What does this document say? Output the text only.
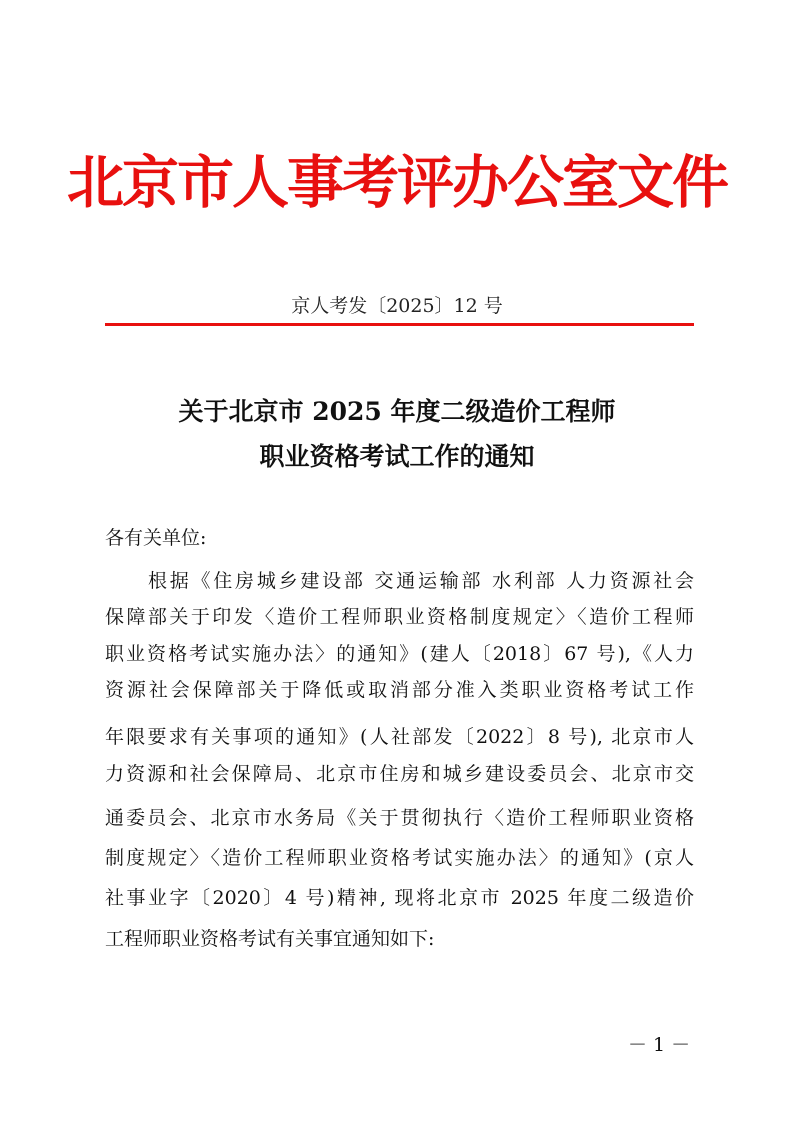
北京市人事考评办公室文件
京人考发〔2025〕12 号
关于北京市 2025 年度二级造价工程师
职业资格考试工作的通知
各有关单位:
根据《住房城乡建设部 交通运输部 水利部 人力资源社会
保障部关于印发〈造价工程师职业资格制度规定〉〈造价工程师
职业资格考试实施办法〉的通知》(建人〔2018〕67 号),《人力
资源社会保障部关于降低或取消部分准入类职业资格考试工作
年限要求有关事项的通知》(人社部发〔2022〕8 号), 北京市人
力资源和社会保障局、北京市住房和城乡建设委员会、北京市交
通委员会、北京市水务局《关于贯彻执行〈造价工程师职业资格
制度规定〉〈造价工程师职业资格考试实施办法〉的通知》(京人
社事业字〔2020〕4 号)精神, 现将北京市 2025 年度二级造价
工程师职业资格考试有关事宜通知如下:
－ 1 －
